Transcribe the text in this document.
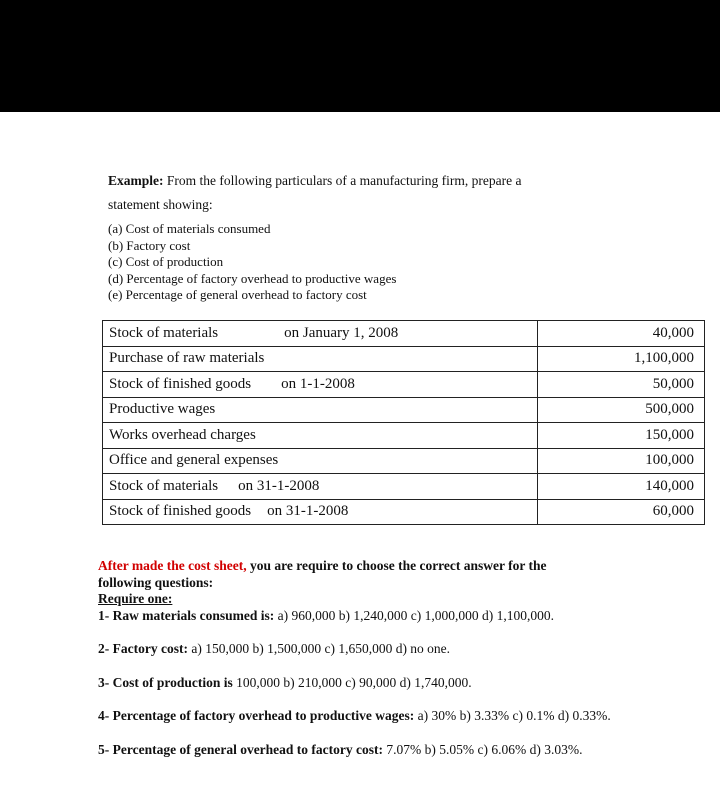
Example: From the following particulars of a manufacturing firm, prepare a
statement showing:
(a) Cost of materials consumed
(b) Factory cost
(c) Cost of production
(d) Percentage of factory overhead to productive wages
(e) Percentage of general overhead to factory cost
Stock of materials on January 1, 2008	40,000
Purchase of raw materials	1,100,000
Stock of finished goods on 1-1-2008	50,000
Productive wages	500,000
Works overhead charges	150,000
Office and general expenses	100,000
Stock of materials on 31-1-2008	140,000
Stock of finished goods on 31-1-2008	60,000
After made the cost sheet, you are require to choose the correct answer for the
following questions:
Require one:

1- Raw materials consumed is: a) 960,000 b) 1,240,000 c) 1,000,000 d) 1,100,000.

2- Factory cost: a) 150,000 b) 1,500,000 c) 1,650,000 d) no one.

3- Cost of production is 100,000 b) 210,000 c) 90,000 d) 1,740,000.

4- Percentage of factory overhead to productive wages: a) 30% b) 3.33% c) 0.1% d) 0.33%.

5- Percentage of general overhead to factory cost: 7.07% b) 5.05% c) 6.06% d) 3.03%.
